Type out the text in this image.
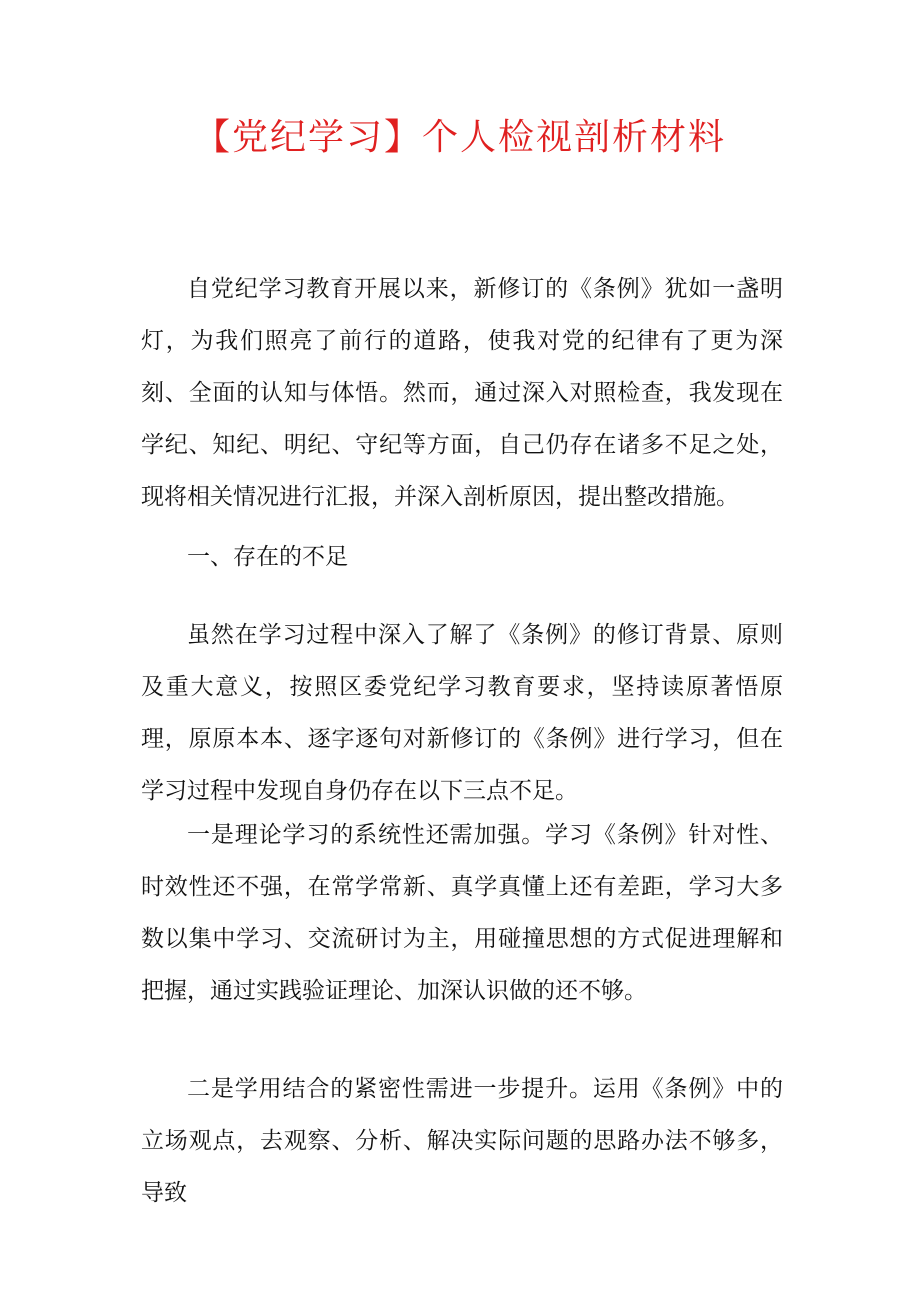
【党纪学习】个人检视剖析材料

自党纪学习教育开展以来，新修订的《条例》犹如一盏明灯，为我们照亮了前行的道路，使我对党的纪律有了更为深刻、全面的认知与体悟。然而，通过深入对照检查，我发现在学纪、知纪、明纪、守纪等方面，自己仍存在诸多不足之处，现将相关情况进行汇报，并深入剖析原因，提出整改措施。

一、存在的不足

虽然在学习过程中深入了解了《条例》的修订背景、原则及重大意义，按照区委党纪学习教育要求，坚持读原著悟原理，原原本本、逐字逐句对新修订的《条例》进行学习，但在学习过程中发现自身仍存在以下三点不足。

一是理论学习的系统性还需加强。学习《条例》针对性、时效性还不强，在常学常新、真学真懂上还有差距，学习大多数以集中学习、交流研讨为主，用碰撞思想的方式促进理解和把握，通过实践验证理论、加深认识做的还不够。

二是学用结合的紧密性需进一步提升。运用《条例》中的立场观点，去观察、分析、解决实际问题的思路办法不够多，导致
